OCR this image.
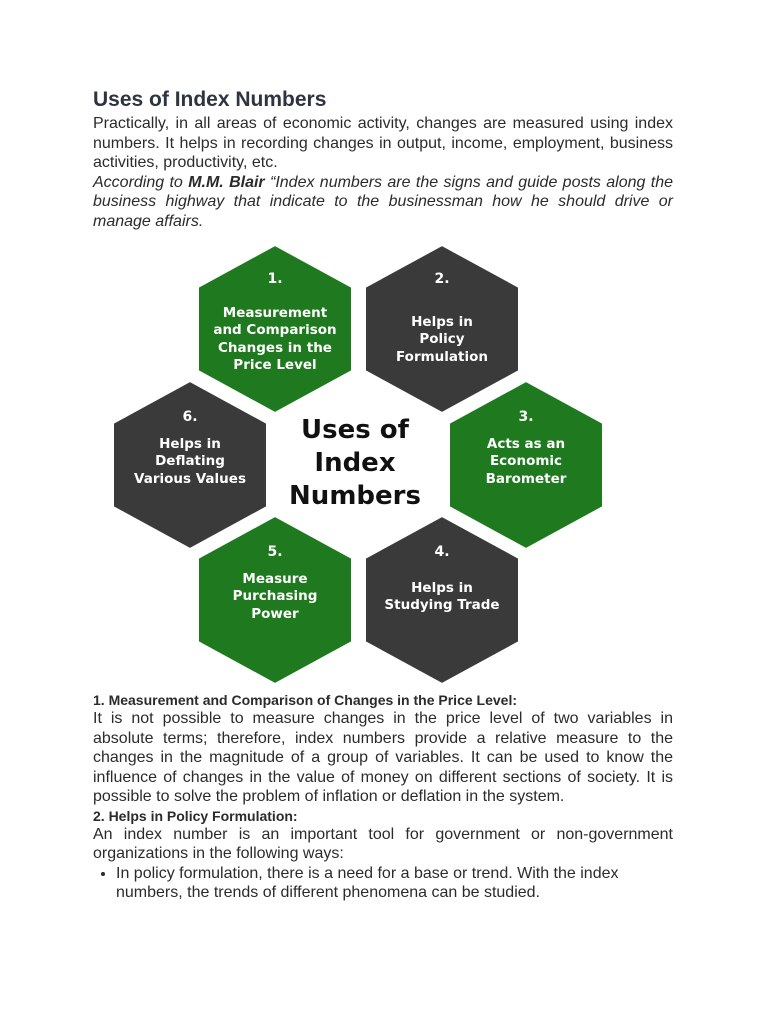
Uses of Index Numbers

Practically, in all areas of economic activity, changes are measured using index numbers. It helps in recording changes in output, income, employment, business activities, productivity, etc.

According to M.M. Blair “Index numbers are the signs and guide posts along the business highway that indicate to the businessman how he should drive or manage affairs.

1.
Measurement
and Comparison
Changes in the
Price Level
2.
Helps in
Policy
Formulation
3.
Acts as an
Economic
Barometer
4.
Helps in
Studying Trade
5.
Measure
Purchasing
Power
6.
Helps in
Deflating
Various Values
Uses of
Index
Numbers
1. Measurement and Comparison of Changes in the Price Level:

It is not possible to measure changes in the price level of two variables in absolute terms; therefore, index numbers provide a relative measure to the changes in the magnitude of a group of variables. It can be used to know the influence of changes in the value of money on different sections of society. It is possible to solve the problem of inflation or deflation in the system.

2. Helps in Policy Formulation:

An index number is an important tool for government or non-government organizations in the following ways:

• In policy formulation, there is a need for a base or trend. With the index numbers, the trends of different phenomena can be studied.
